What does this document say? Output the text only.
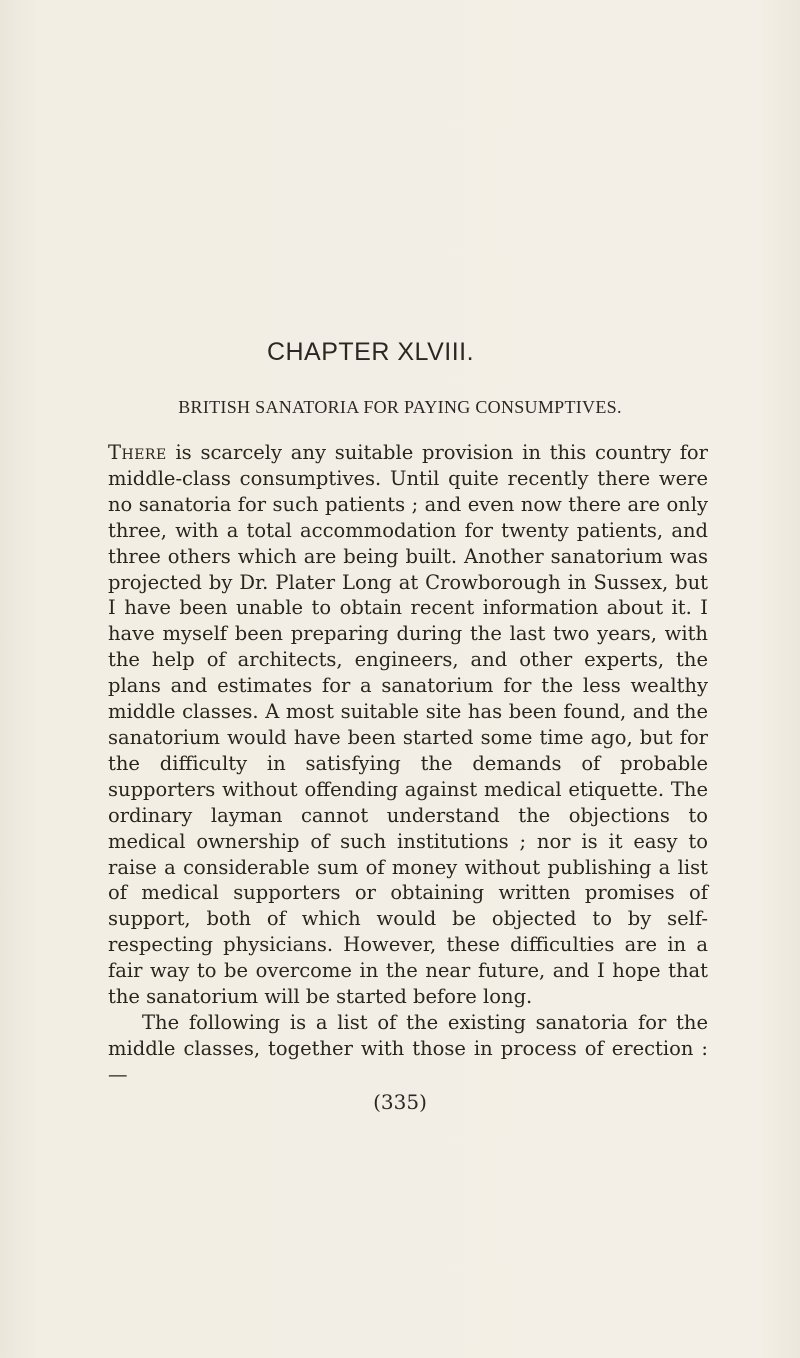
CHAPTER XLVIII.
BRITISH SANATORIA FOR PAYING CONSUMPTIVES.

There is scarcely any suitable provision in this country for middle-class consumptives. Until quite recently there were no sanatoria for such patients ; and even now there are only three, with a total accommodation for twenty patients, and three others which are being built. Another sanatorium was projected by Dr. Plater Long at Crowborough in Sussex, but I have been unable to obtain recent information about it. I have myself been preparing during the last two years, with the help of architects, engineers, and other experts, the plans and estimates for a sanatorium for the less wealthy middle classes. A most suitable site has been found, and the sanatorium would have been started some time ago, but for the difficulty in satisfying the demands of probable supporters without offending against medical etiquette. The ordinary layman cannot understand the objections to medical ownership of such institutions ; nor is it easy to raise a considerable sum of money without publishing a list of medical supporters or obtaining written promises of support, both of which would be objected to by self-respecting physicians. However, these difficulties are in a fair way to be overcome in the near future, and I hope that the sanatorium will be started before long.

The following is a list of the existing sanatoria for the middle classes, together with those in process of erection :—

(335)
